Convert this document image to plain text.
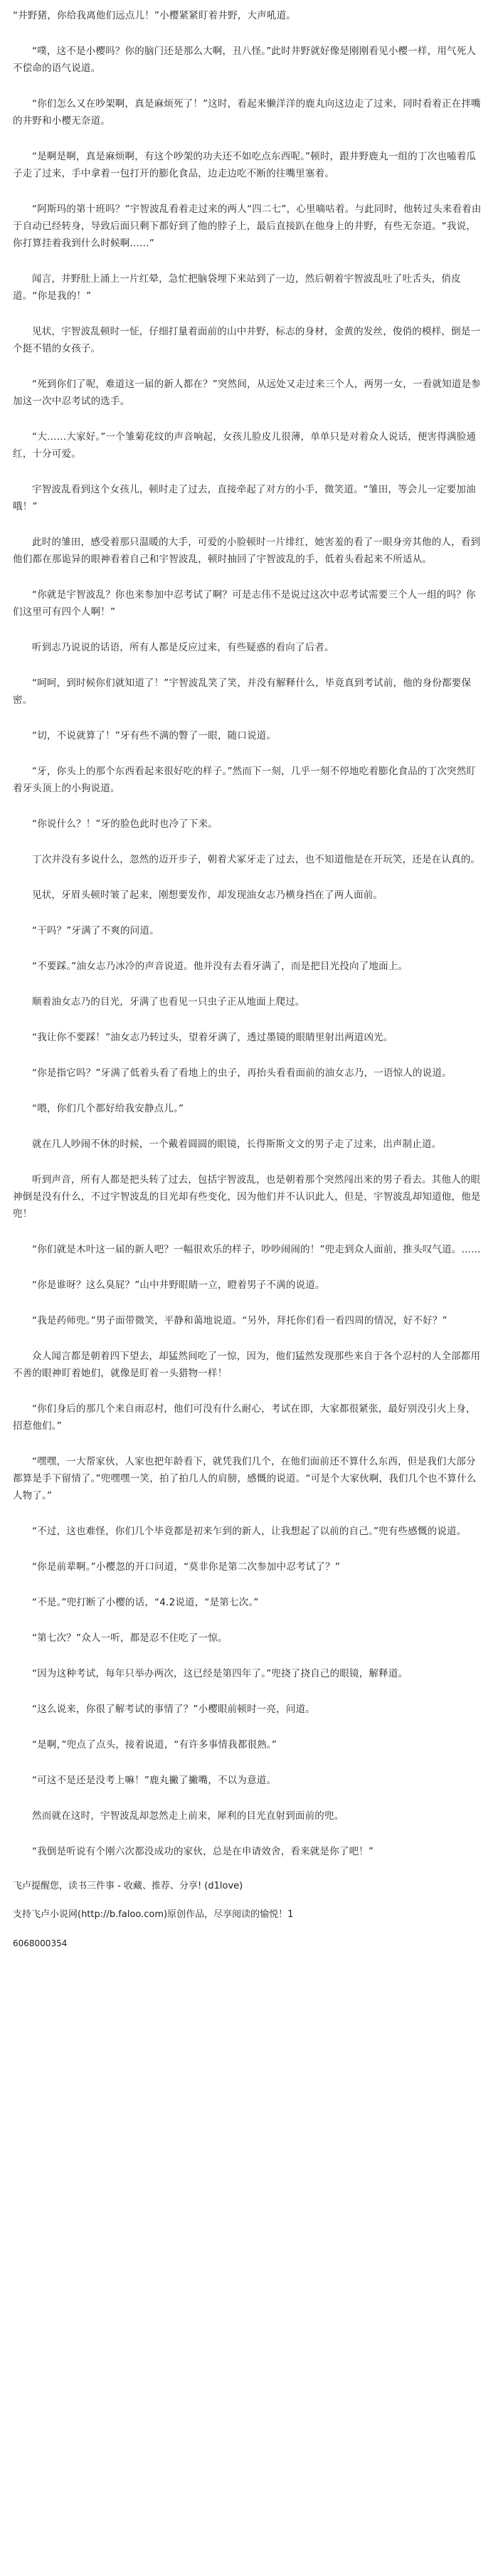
“井野猪，你给我离他们远点儿！”小樱紧紧盯着井野，大声吼道。

“噗，这不是小樱吗？你的脑门还是那么大啊，丑八怪。”此时井野就好像是刚刚看见小樱一样，用气死人不偿命的语气说道。

“你们怎么又在吵架啊，真是麻烦死了！”这时，看起来懒洋洋的鹿丸向这边走了过来，同时看着正在拌嘴的井野和小樱无奈道。

“是啊是啊，真是麻烦啊，有这个吵架的功夫还不如吃点东西呢。”顿时，跟井野鹿丸一组的丁次也嗑着瓜子走了过来，手中拿着一包打开的膨化食品，边走边吃不断的往嘴里塞着。

“阿斯玛的第十班吗？”宇智波乱看着走过来的两人“四二七”，心里嘀咕着。与此同时，他转过头来看着由于自动已经转身，导致后面只剩下都好到了他的脖子上，最后直接趴在他身上的井野，有些无奈道。“我说，你打算挂着我到什么时候啊……”

闻言，井野肚上涌上一片红晕，急忙把脑袋埋下来站到了一边，然后朝着宇智波乱吐了吐舌头，俏皮道。“你是我的！”

见状，宇智波乱顿时一怔，仔细打量着面前的山中井野，标志的身材，金黄的发丝，俊俏的模样，倒是一个挺不错的女孩子。

“死到你们了呢，难道这一届的新人都在？”突然间，从远处又走过来三个人，两男一女，一看就知道是参加这一次中忍考试的选手。

“大……大家好。”一个雏菊花纹的声音响起，女孩儿脸皮儿很薄，单单只是对着众人说话，便害得满脸通红，十分可爱。

宇智波乱看到这个女孩儿，顿时走了过去，直接牵起了对方的小手，微笑道。“雏田，等会儿一定要加油哦！”

此时的雏田，感受着那只温暖的大手，可爱的小脸顿时一片绯红，她害羞的看了一眼身旁其他的人，看到他们都在那诡异的眼神看着自己和宇智波乱，顿时抽回了宇智波乱的手，低着头看起来不所适从。

“你就是宇智波乱？你也来参加中忍考试了啊？可是志伟不是说过这次中忍考试需要三个人一组的吗？你们这里可有四个人啊！”

听到志乃说说的话语，所有人都是反应过来，有些疑惑的看向了后者。

“呵呵，到时候你们就知道了！”宇智波乱笑了笑，并没有解释什么，毕竟真到考试前，他的身份都要保密。

“切，不说就算了！”牙有些不满的瞥了一眼，随口说道。

“牙，你头上的那个东西看起来很好吃的样子。”然而下一刻，几乎一刻不停地吃着膨化食品的丁次突然盯着牙头顶上的小狗说道。

“你说什么？！”牙的脸色此时也冷了下来。

丁次并没有多说什么，忽然的迈开步子，朝着犬冢牙走了过去，也不知道他是在开玩笑，还是在认真的。

见状，牙眉头顿时皱了起来，刚想要发作，却发现油女志乃横身挡在了两人面前。

“干吗？”牙满了不爽的问道。

“不要踩。”油女志乃冰冷的声音说道。他并没有去看牙满了，而是把目光投向了地面上。

顺着油女志乃的目光，牙满了也看见一只虫子正从地面上爬过。

“我让你不要踩！”油女志乃转过头，望着牙满了，透过墨镜的眼睛里射出两道凶光。

“你是指它吗？”牙满了低着头看了看地上的虫子，再抬头看看面前的油女志乃，一语惊人的说道。

“喂，你们几个都好给我安静点儿。”

就在几人吵闹不休的时候，一个戴着圆圆的眼镜，长得斯斯文文的男子走了过来，出声制止道。

听到声音，所有人都是把头转了过去，包括宇智波乱，也是朝着那个突然闯出来的男子看去。其他人的眼神倒是没有什么，不过宇智波乱的目光却有些变化，因为他们并不认识此人，但是，宇智波乱却知道他，他是兜！

“你们就是木叶这一届的新人吧？一幅很欢乐的样子，吵吵闹闹的！”兜走到众人面前，推头叹气道。……

“你是谁呀？这么臭屁？”山中井野眼睛一立，瞪着男子不满的说道。

“我是药师兜。”男子面带微笑，平静和蔼地说道。“另外，拜托你们看一看四周的情况，好不好？”

众人闻言都是朝着四下望去，却猛然间吃了一惊，因为，他们猛然发现那些来自于各个忍村的人全部都用不善的眼神盯着她们，就像是盯着一头猎物一样！

“你们身后的那几个来自雨忍村，他们可没有什么耐心，考试在即，大家都很紧张，最好别没引火上身，招惹他们。”

“嘿嘿，一大帮家伙，人家也把年龄看下，就凭我们几个，在他们面前还不算什么东西，但是我们大部分都算是手下留情了。”兜嘿嘿一笑，拍了拍几人的肩膀，感慨的说道。“可是个大家伙啊，我们几个也不算什么人物了。”

“不过，这也难怪，你们几个毕竟都是初来乍到的新人，让我想起了以前的自己。”兜有些感慨的说道。

“你是前辈啊。”小樱忽的开口问道，“莫非你是第二次参加中忍考试了？”

“不是。”兜打断了小樱的话，“4.2说道，“是第七次。”

“第七次？”众人一听，都是忍不住吃了一惊。

“因为这种考试，每年只举办两次，这已经是第四年了。”兜挠了挠自己的眼镜，解释道。

“这么说来，你很了解考试的事情了？”小樱眼前顿时一亮，问道。

“是啊，”兜点了点头，接着说道，“有许多事情我都很熟。”

“可这不是还是没考上嘛！”鹿丸撇了撇嘴，不以为意道。

然而就在这时，宇智波乱却忽然走上前来，犀利的目光直射到面前的兜。

“我倒是听说有个刚六次都没成功的家伙，总是在申请效舍，看来就是你了吧！”

飞卢提醒您，读书三件事 - 收藏、推荐、分享! (d1love)

支持飞卢小说网(http://b.faloo.com)原创作品，尽享阅读的愉悦！1

6068000354
